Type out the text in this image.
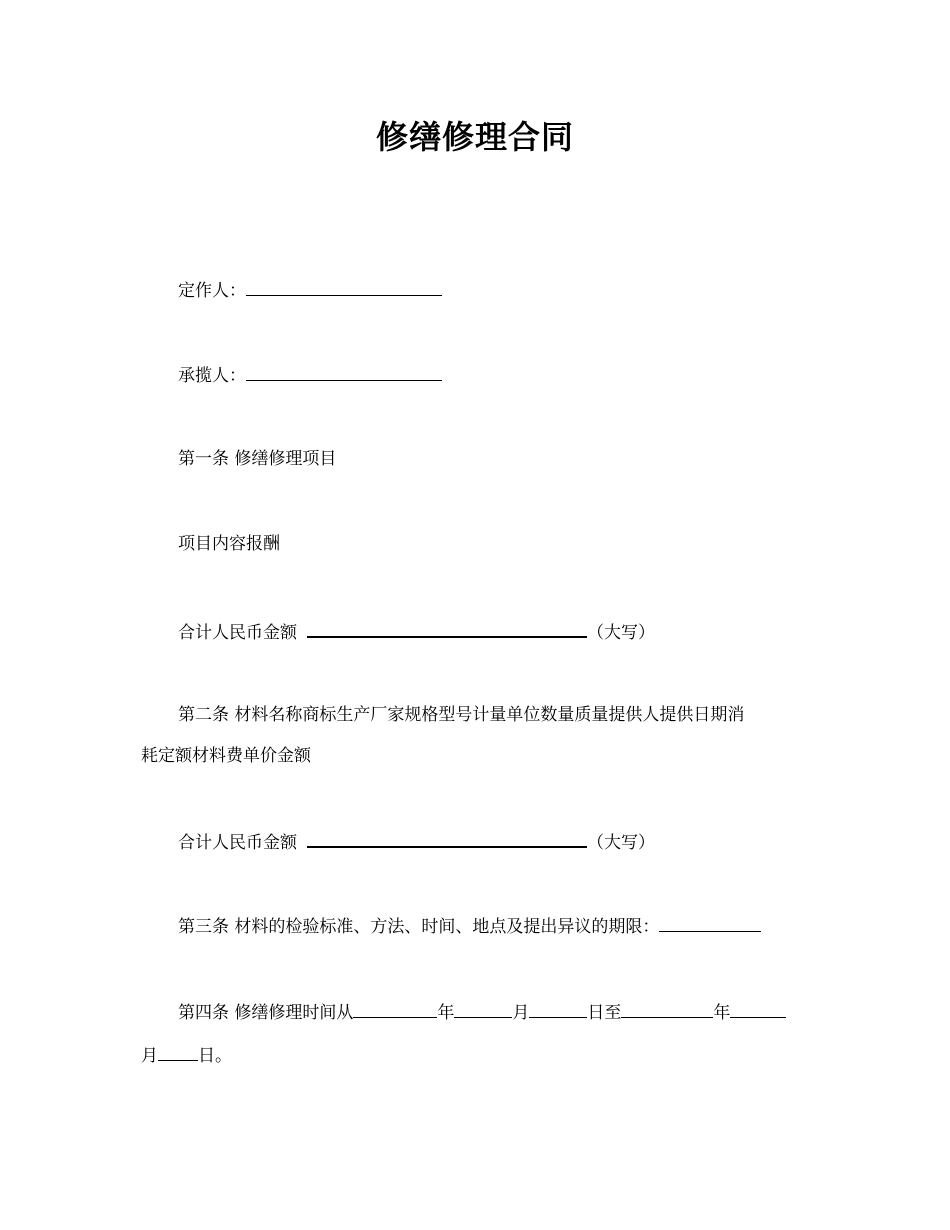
修缮修理合同
定作人：
承揽人：
第一条 修缮修理项目
项目内容报酬
合计人民币金额	（大写）
第二条 材料名称商标生产厂家规格型号计量单位数量质量提供人提供日期消
耗定额材料费单价金额
合计人民币金额	（大写）
第三条 材料的检验标准、方法、时间、地点及提出异议的期限：
第四条 修缮修理时间从	年	月	日至	年
月 日。
